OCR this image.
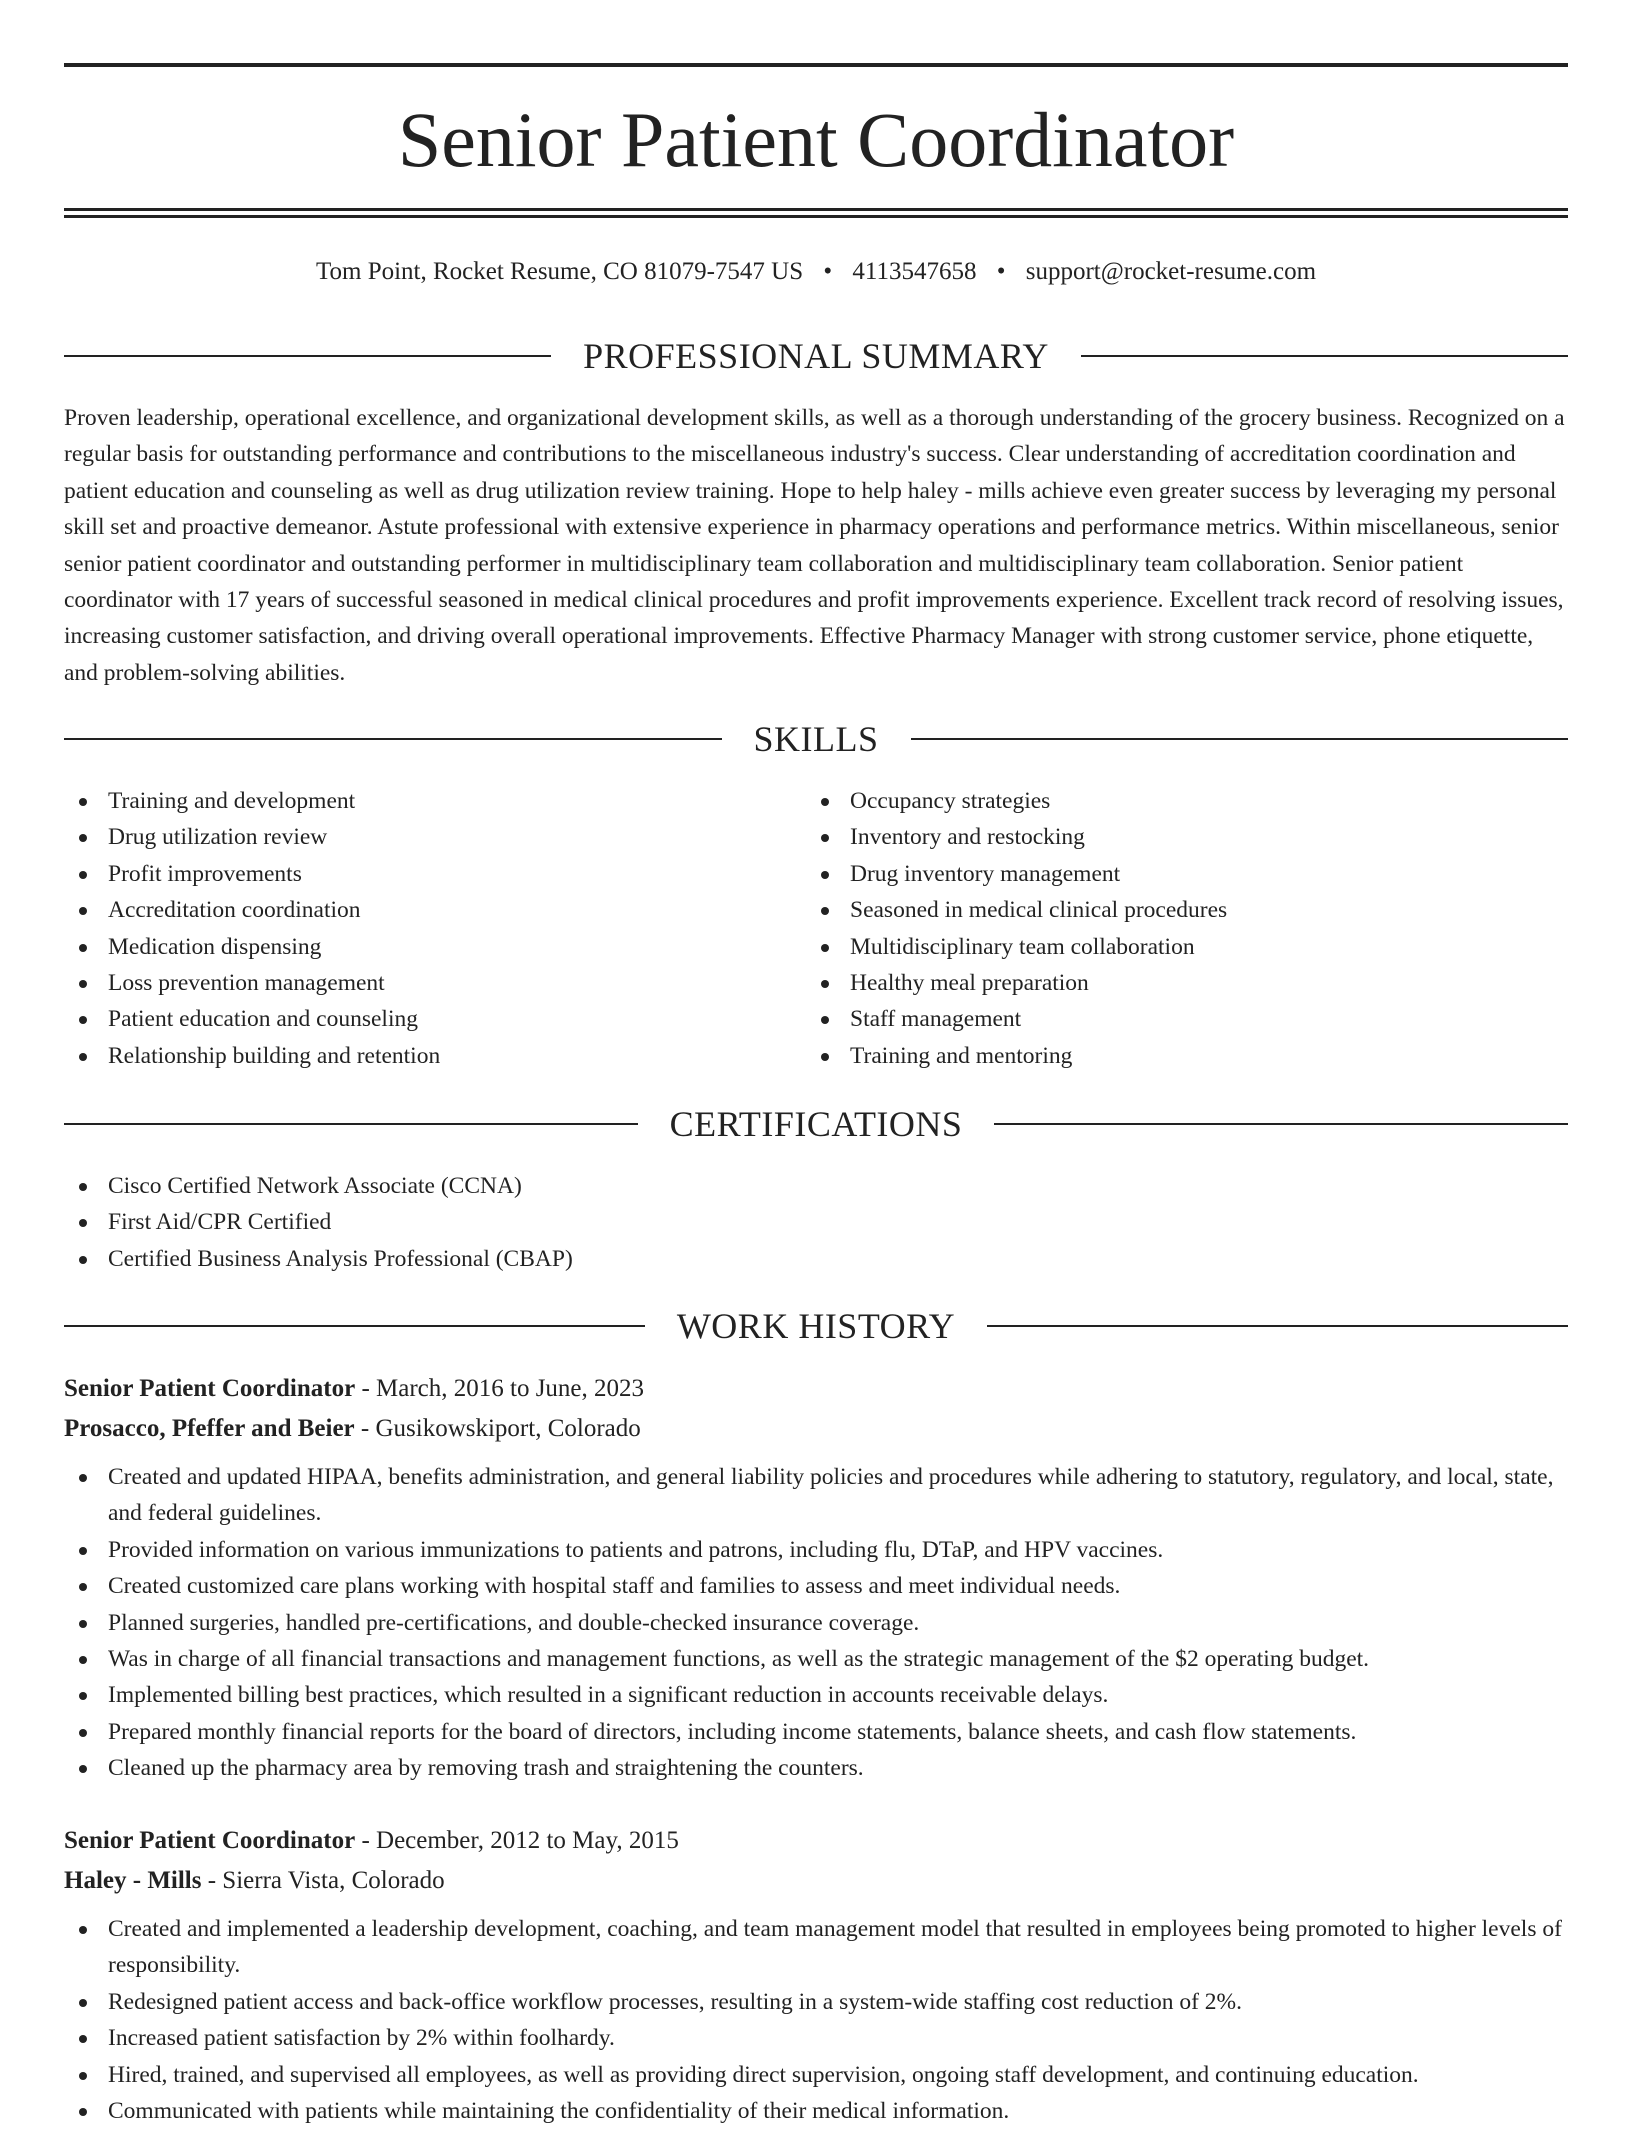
Senior Patient Coordinator
Tom Point, Rocket Resume, CO 81079-7547 US • 4113547658 • support@rocket-resume.com
PROFESSIONAL SUMMARY

Proven leadership, operational excellence, and organizational development skills, as well as a thorough understanding of the grocery business. Recognized on a regular basis for outstanding performance and contributions to the miscellaneous industry's success. Clear understanding of accreditation coordination and patient education and counseling as well as drug utilization review training. Hope to help haley - mills achieve even greater success by leveraging my personal skill set and proactive demeanor. Astute professional with extensive experience in pharmacy operations and performance metrics. Within miscellaneous, senior senior patient coordinator and outstanding performer in multidisciplinary team collaboration and multidisciplinary team collaboration. Senior patient coordinator with 17 years of successful seasoned in medical clinical procedures and profit improvements experience. Excellent track record of resolving issues, increasing customer satisfaction, and driving overall operational improvements. Effective Pharmacy Manager with strong customer service, phone etiquette, and problem-solving abilities.

SKILLS
Training and development
Drug utilization review
Profit improvements
Accreditation coordination
Medication dispensing
Loss prevention management
Patient education and counseling
Relationship building and retention
Occupancy strategies
Inventory and restocking
Drug inventory management
Seasoned in medical clinical procedures
Multidisciplinary team collaboration
Healthy meal preparation
Staff management
Training and mentoring
CERTIFICATIONS
Cisco Certified Network Associate (CCNA)
First Aid/CPR Certified
Certified Business Analysis Professional (CBAP)
WORK HISTORY
Senior Patient Coordinator - March, 2016 to June, 2023
Prosacco, Pfeffer and Beier - Gusikowskiport, Colorado
Created and updated HIPAA, benefits administration, and general liability policies and procedures while adhering to statutory, regulatory, and local, state, and federal guidelines.
Provided information on various immunizations to patients and patrons, including flu, DTaP, and HPV vaccines.
Created customized care plans working with hospital staff and families to assess and meet individual needs.
Planned surgeries, handled pre-certifications, and double-checked insurance coverage.
Was in charge of all financial transactions and management functions, as well as the strategic management of the $2 operating budget.
Implemented billing best practices, which resulted in a significant reduction in accounts receivable delays.
Prepared monthly financial reports for the board of directors, including income statements, balance sheets, and cash flow statements.
Cleaned up the pharmacy area by removing trash and straightening the counters.
Senior Patient Coordinator - December, 2012 to May, 2015
Haley - Mills - Sierra Vista, Colorado
Created and implemented a leadership development, coaching, and team management model that resulted in employees being promoted to higher levels of responsibility.
Redesigned patient access and back-office workflow processes, resulting in a system-wide staffing cost reduction of 2%.
Increased patient satisfaction by 2% within foolhardy.
Hired, trained, and supervised all employees, as well as providing direct supervision, ongoing staff development, and continuing education.
Communicated with patients while maintaining the confidentiality of their medical information.
